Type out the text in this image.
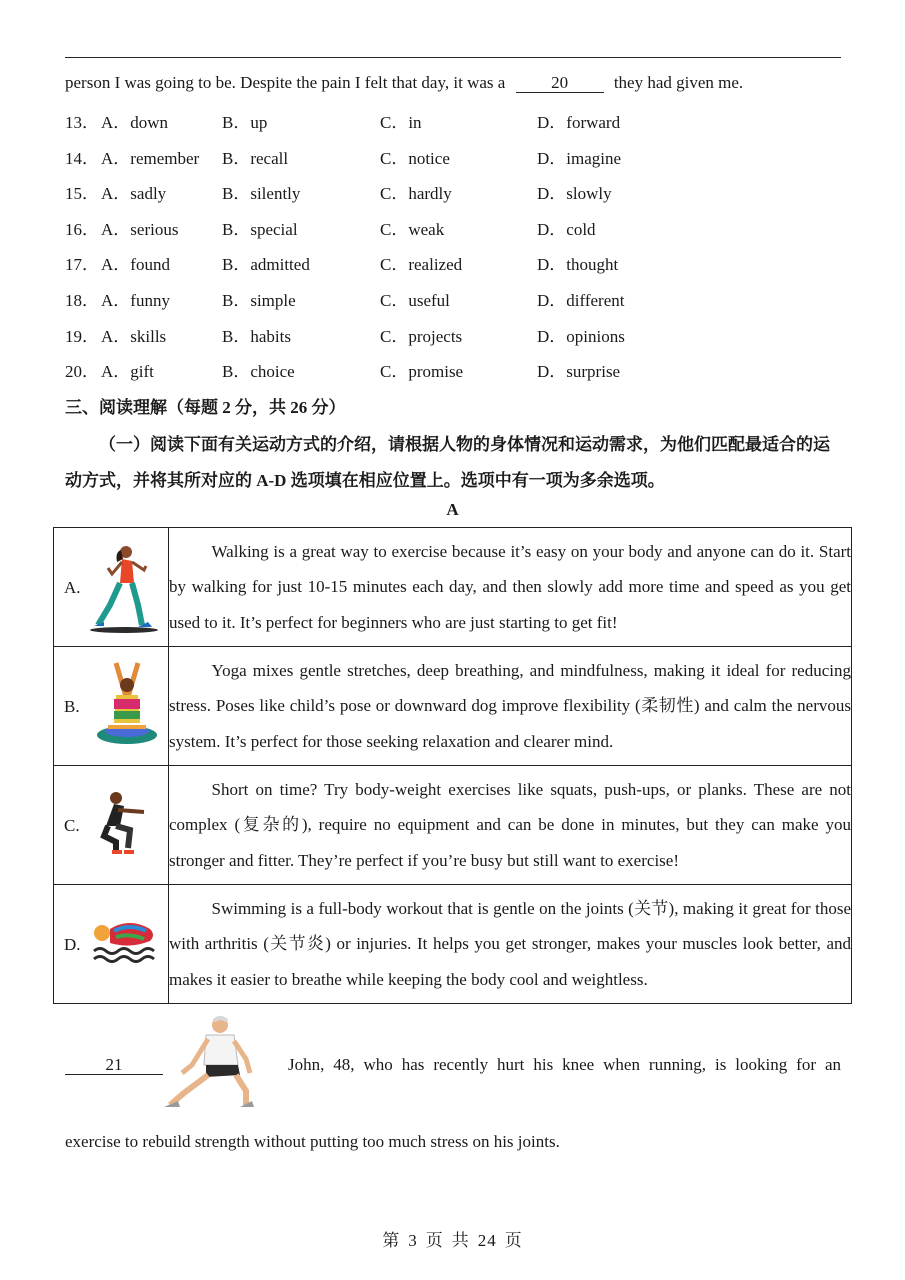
person I was going to be. Despite the pain I felt that day, it was a	20	they had given me.
13． A．down	B．up	C．in	D．forward
14． A．remember B．recall	C．notice	D．imagine
15． A．sadly	B．silently	C．hardly	D．slowly
16． A．serious	B．special	C．weak	D．cold
17． A．found	B．admitted	C．realized	D．thought
18． A．funny	B．simple	C．useful	D．different
19． A．skills	B．habits	C．projects	D．opinions
20． A．gift	B．choice	C．promise	D．surprise
三、阅读理解（每题 2 分，共 26 分）
（一）阅读下面有关运动方式的介绍，请根据人物的身体情况和运动需求，为他们匹配最适合的运动方式，并将其所对应的 A-D 选项填在相应位置上。选项中有一项为多余选项。
A
A.	Walking is a great way to exercise because it’s easy on your body and anyone can do it. Start by walking for just 10-15 minutes each day, and then slowly add more time and speed as you get used to it. It’s perfect for beginners who are just starting to get fit!

B.	Yoga mixes gentle stretches, deep breathing, and mindfulness, making it ideal for reducing stress. Poses like child’s pose or downward dog improve flexibility (柔韧性) and calm the nervous system. It’s perfect for those seeking relaxation and clearer mind.

C.	Short on time? Try body-weight exercises like squats, push-ups, or planks. These are not complex (复杂的), require no equipment and can be done in minutes, but they can make you stronger and fitter. They’re perfect if you’re busy but still want to exercise!

D.	Swimming is a full-body workout that is gentle on the joints (关节), making it great for those with arthritis (关节炎) or injuries. It helps you get stronger, makes your muscles look better, and makes it easier to breathe while keeping the body cool and weightless.

21	John, 48, who has recently hurt his knee when running, is looking for an
exercise to rebuild strength without putting too much stress on his joints.
第 3 页 共 24 页
